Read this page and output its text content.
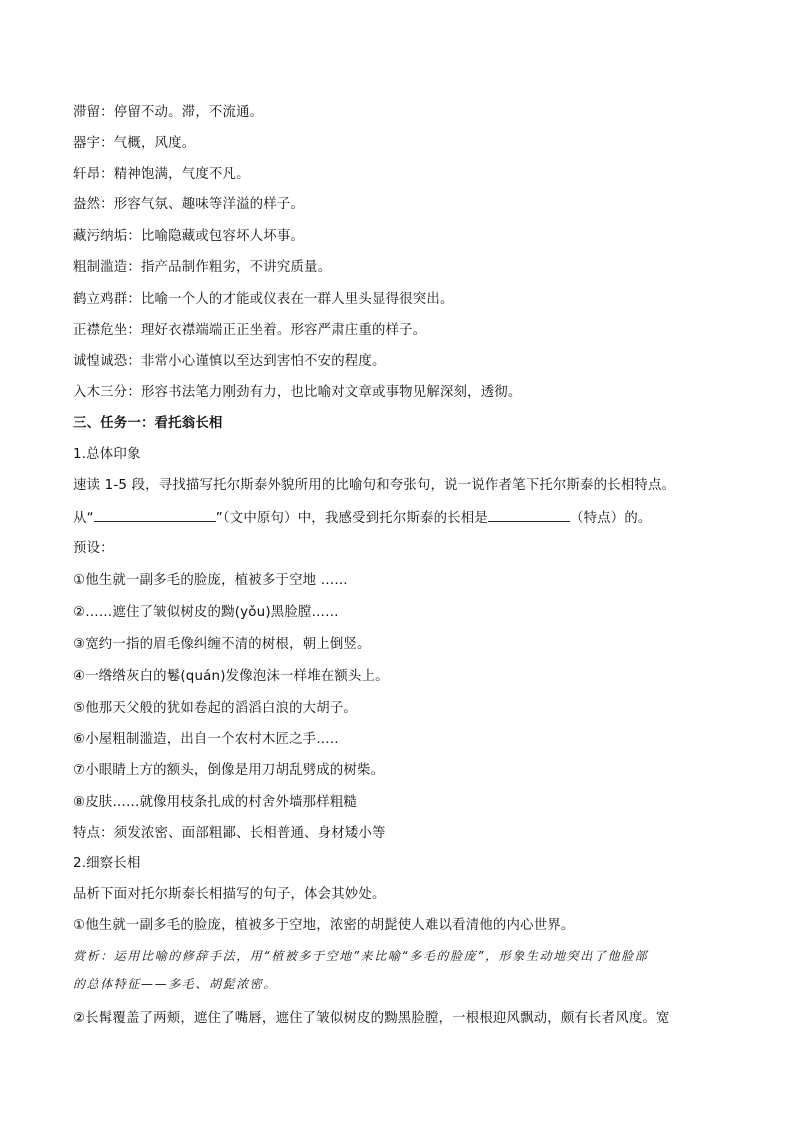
滞留：停留不动。滞，不流通。
器宇：气概，风度。
轩昂：精神饱满，气度不凡。
盎然：形容气氛、趣味等洋溢的样子。
藏污纳垢：比喻隐藏或包容坏人坏事。
粗制滥造：指产品制作粗劣，不讲究质量。
鹤立鸡群：比喻一个人的才能或仪表在一群人里头显得很突出。
正襟危坐：理好衣襟端端正正坐着。形容严肃庄重的样子。
诚惶诚恐：非常小心谨慎以至达到害怕不安的程度。
入木三分：形容书法笔力刚劲有力，也比喻对文章或事物见解深刻，透彻。
三、任务一：看托翁长相
1.总体印象
速读 1-5 段，寻找描写托尔斯泰外貌所用的比喻句和夸张句，说一说作者笔下托尔斯泰的长相特点。
从“	”（文中原句）中，我感受到托尔斯泰的长相是	（特点）的。
预设：
①他生就一副多毛的脸庞，植被多于空地 ……
②……遮住了皱似树皮的黝(yǒu)黑脸膛……
③宽约一指的眉毛像纠缠不清的树根，朝上倒竖。
④一绺绺灰白的鬈(quán)发像泡沫一样堆在额头上。
⑤他那天父般的犹如卷起的滔滔白浪的大胡子。
⑥小屋粗制滥造，出自一个农村木匠之手…..
⑦小眼睛上方的额头，倒像是用刀胡乱劈成的树柴。
⑧皮肤……就像用枝条扎成的村舍外墙那样粗糙
特点：须发浓密、面部粗鄙、长相普通、身材矮小等
2.细察长相
品析下面对托尔斯泰长相描写的句子，体会其妙处。
①他生就一副多毛的脸庞，植被多于空地，浓密的胡髭使人难以看清他的内心世界。
赏析：运用比喻的修辞手法，用“植被多于空地”来比喻“多毛的脸庞”，形象生动地突出了他脸部
的总体特征——多毛、胡髭浓密。
②长髯覆盖了两颊，遮住了嘴唇，遮住了皱似树皮的黝黑脸膛，一根根迎风飘动，颇有长者风度。宽
